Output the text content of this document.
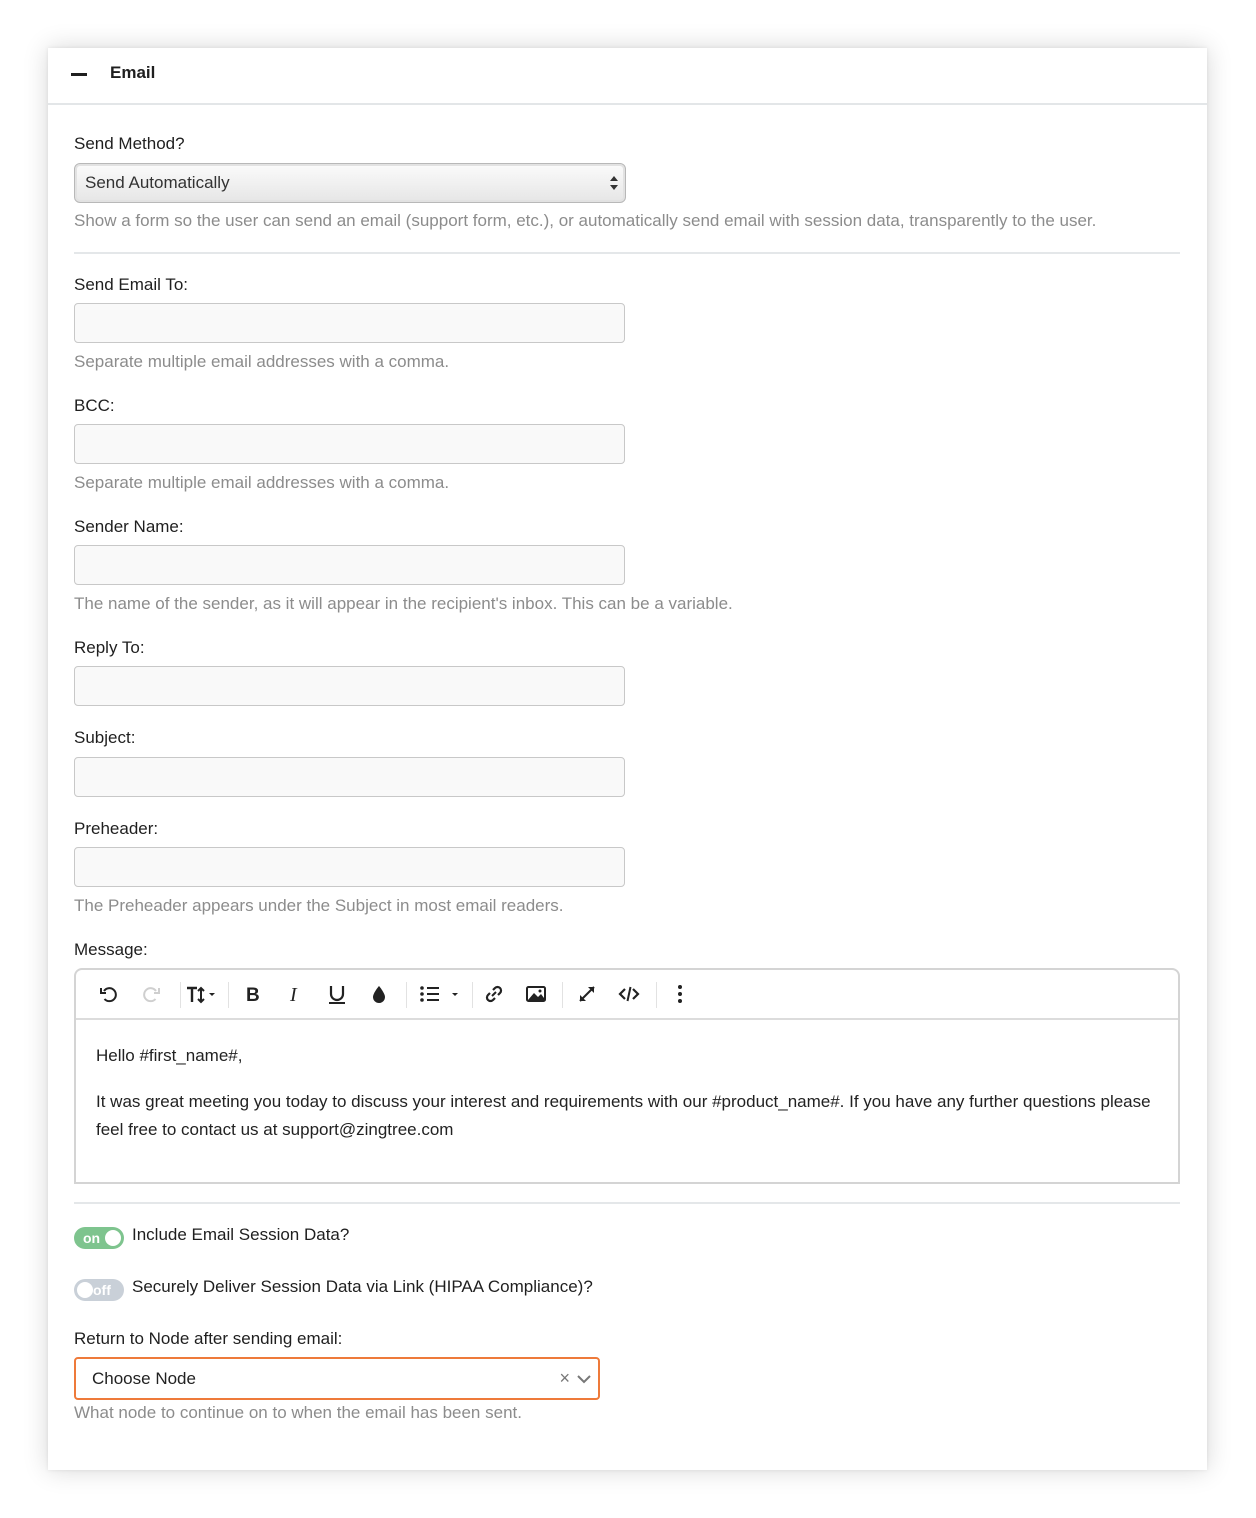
Email
Send Method?
Send Automatically
Show a form so the user can send an email (support form, etc.), or automatically send email with session data, transparently to the user.
Send Email To:
Separate multiple email addresses with a comma.
BCC:
Separate multiple email addresses with a comma.
Sender Name:
The name of the sender, as it will appear in the recipient's inbox. This can be a variable.
Reply To:
Subject:
Preheader:
The Preheader appears under the Subject in most email readers.
Message:
B I

Hello #first_name#,

It was great meeting you today to discuss your interest and requirements with our #product_name#. If you have any further questions please feel free to contact us at support@zingtree.com

on Include Email Session Data?
off Securely Deliver Session Data via Link (HIPAA Compliance)?
Return to Node after sending email:
Choose Node	×
What node to continue on to when the email has been sent.
